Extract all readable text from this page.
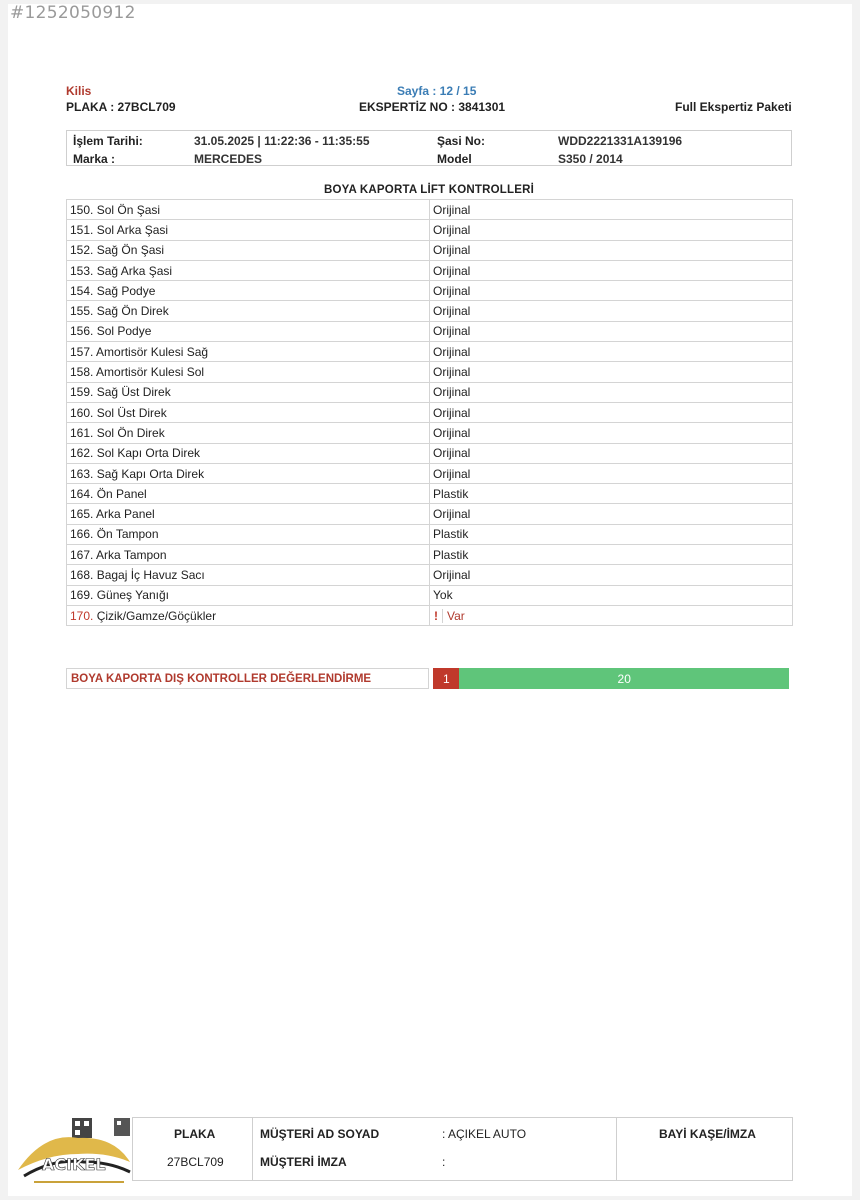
#1252050912
Kilis	Sayfa : 12 / 15
PLAKA : 27BCL709	EKSPERTİZ NO : 3841301	Full Ekspertiz Paketi
İşlem Tarihi:	31.05.2025 | 11:22:36 - 11:35:55	Şasi No:	WDD2221331A139196
Marka :	MERCEDES	Model	S350 / 2014
BOYA KAPORTA LİFT KONTROLLERİ
150. Sol Ön Şasi	Orijinal
151. Sol Arka Şasi	Orijinal
152. Sağ Ön Şasi	Orijinal
153. Sağ Arka Şasi	Orijinal
154. Sağ Podye	Orijinal
155. Sağ Ön Direk	Orijinal
156. Sol Podye	Orijinal
157. Amortisör Kulesi Sağ	Orijinal
158. Amortisör Kulesi Sol	Orijinal
159. Sağ Üst Direk	Orijinal
160. Sol Üst Direk	Orijinal
161. Sol Ön Direk	Orijinal
162. Sol Kapı Orta Direk	Orijinal
163. Sağ Kapı Orta Direk	Orijinal
164. Ön Panel	Plastik
165. Arka Panel	Orijinal
166. Ön Tampon	Plastik
167. Arka Tampon	Plastik
168. Bagaj İç Havuz Sacı	Orijinal
169. Güneş Yanığı	Yok
170. Çizik/Gamze/Göçükler	! Var
BOYA KAPORTA DIŞ KONTROLLER DEĞERLENDİRME	1	20
ACIKEL
PLAKA
27BCL709
MÜŞTERİ AD SOYAD	: AÇIKEL AUTO
MÜŞTERİ İMZA	:
BAYİ KAŞE/İMZA
